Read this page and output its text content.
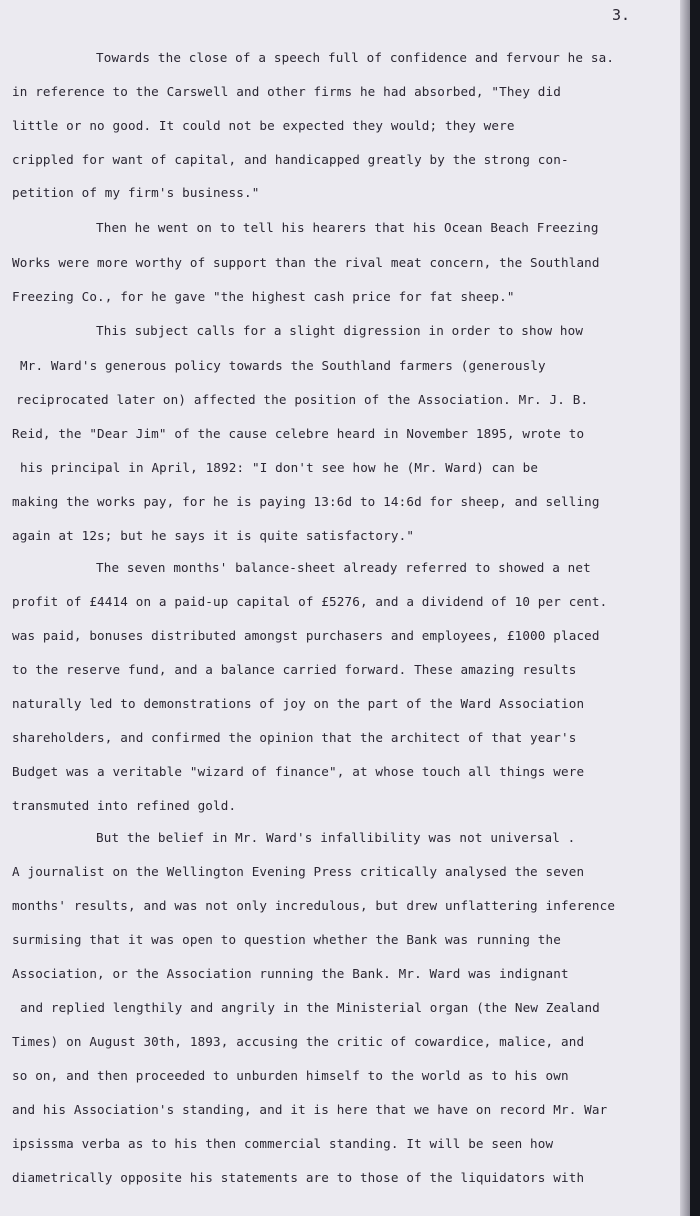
3.
Towards the close of a speech full of confidence and fervour he sa.
in reference to the Carswell and other firms he had absorbed, "They did
little or no good. It could not be expected they would; they were
crippled for want of capital, and handicapped greatly by the strong con-
petition of my firm's business."
Then he went on to tell his hearers that his Ocean Beach Freezing
Works were more worthy of support than the rival meat concern, the Southland
Freezing Co., for he gave "the highest cash price for fat sheep."
This subject calls for a slight digression in order to show how
Mr. Ward's generous policy towards the Southland farmers (generously
reciprocated later on) affected the position of the Association. Mr. J. B.
Reid, the "Dear Jim" of the cause celebre heard in November 1895, wrote to
his principal in April, 1892: "I don't see how he (Mr. Ward) can be
making the works pay, for he is paying 13:6d to 14:6d for sheep, and selling
again at 12s; but he says it is quite satisfactory."
The seven months' balance-sheet already referred to showed a net
profit of £4414 on a paid-up capital of £5276, and a dividend of 10 per cent.
was paid, bonuses distributed amongst purchasers and employees, £1000 placed
to the reserve fund, and a balance carried forward. These amazing results
naturally led to demonstrations of joy on the part of the Ward Association
shareholders, and confirmed the opinion that the architect of that year's
Budget was a veritable "wizard of finance", at whose touch all things were
transmuted into refined gold.
But the belief in Mr. Ward's infallibility was not universal .
A journalist on the Wellington Evening Press critically analysed the seven
months' results, and was not only incredulous, but drew unflattering inference
surmising that it was open to question whether the Bank was running the
Association, or the Association running the Bank. Mr. Ward was indignant
and replied lengthily and angrily in the Ministerial organ (the New Zealand
Times) on August 30th, 1893, accusing the critic of cowardice, malice, and
so on, and then proceeded to unburden himself to the world as to his own
and his Association's standing, and it is here that we have on record Mr. War
ipsissma verba as to his then commercial standing. It will be seen how
diametrically opposite his statements are to those of the liquidators with
